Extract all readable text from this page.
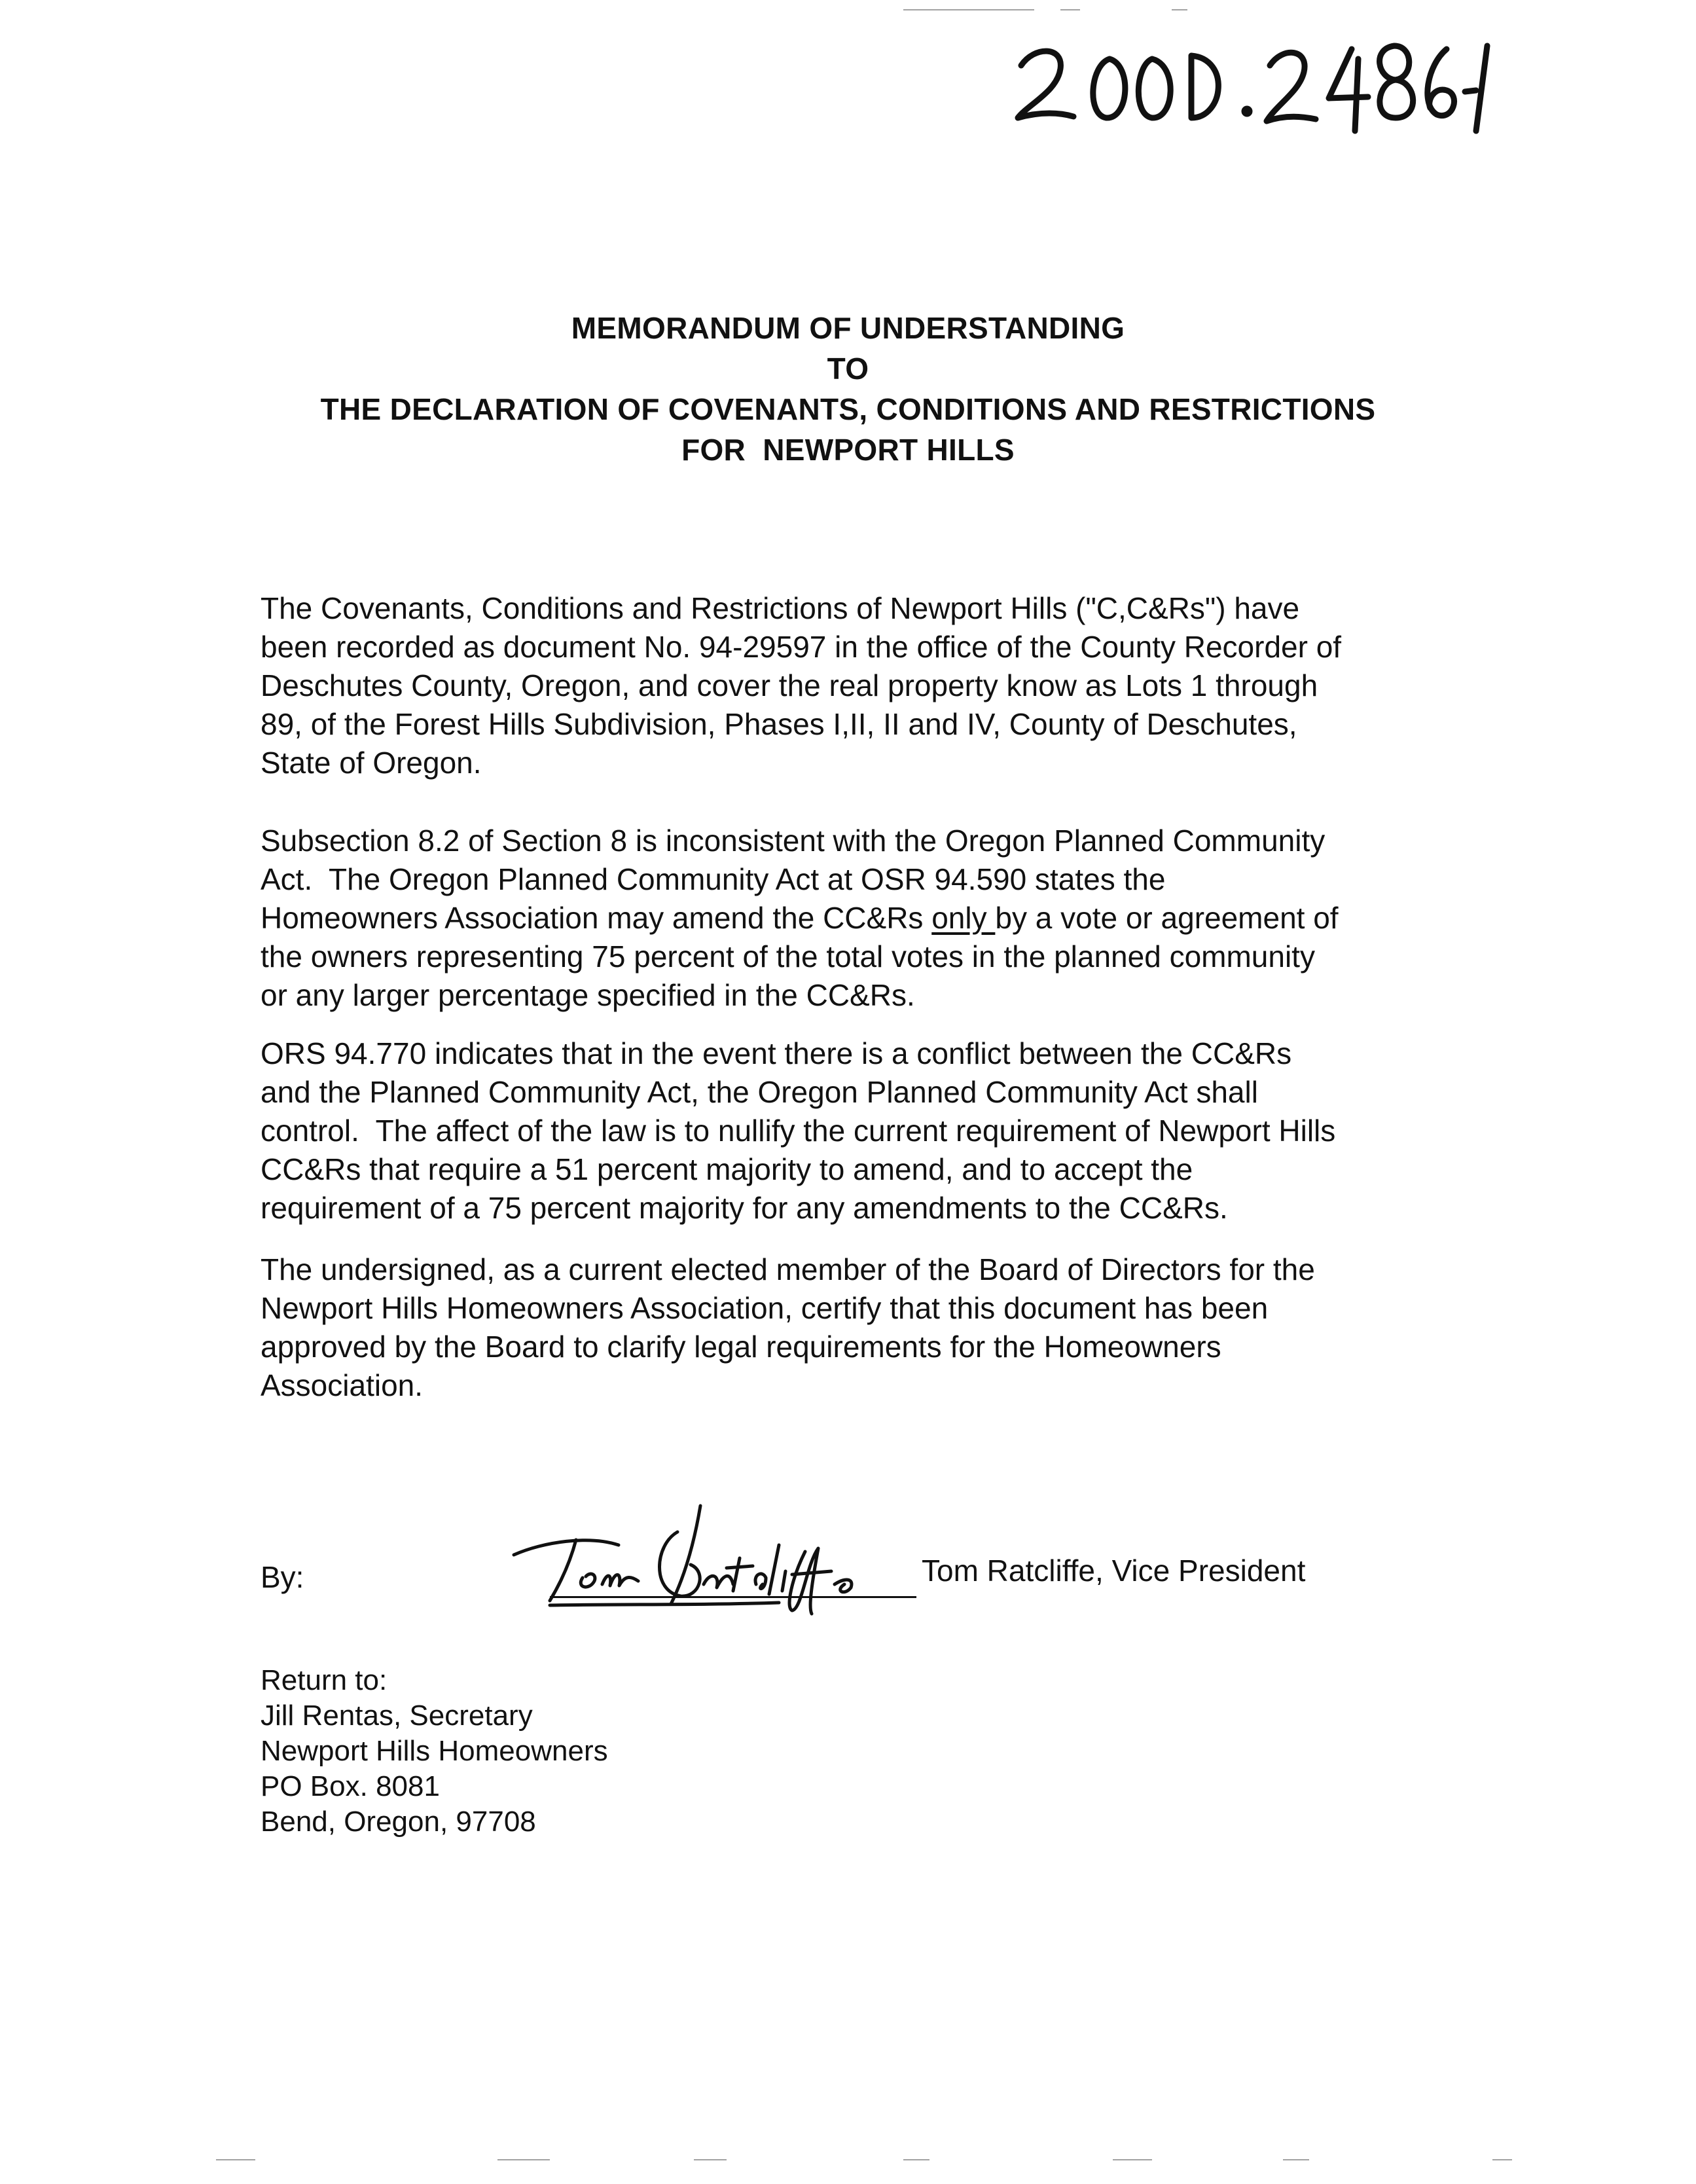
MEMORANDUM OF UNDERSTANDING
TO
THE DECLARATION OF COVENANTS, CONDITIONS AND RESTRICTIONS
FOR  NEWPORT HILLS

The Covenants, Conditions and Restrictions of Newport Hills ("C,C&Rs") have
been recorded as document No. 94-29597 in the office of the County Recorder of
Deschutes County, Oregon, and cover the real property know as Lots 1 through
89, of the Forest Hills Subdivision, Phases I,II, II and IV, County of Deschutes,
State of Oregon.

Subsection 8.2 of Section 8 is inconsistent with the Oregon Planned Community
Act.  The Oregon Planned Community Act at OSR 94.590 states the
Homeowners Association may amend the CC&Rs only by a vote or agreement of
the owners representing 75 percent of the total votes in the planned community
or any larger percentage specified in the CC&Rs.

ORS 94.770 indicates that in the event there is a conflict between the CC&Rs
and the Planned Community Act, the Oregon Planned Community Act shall
control.  The affect of the law is to nullify the current requirement of Newport Hills
CC&Rs that require a 51 percent majority to amend, and to accept the
requirement of a 75 percent majority for any amendments to the CC&Rs.

The undersigned, as a current elected member of the Board of Directors for the
Newport Hills Homeowners Association, certify that this document has been
approved by the Board to clarify legal requirements for the Homeowners
Association.

By:	Tom Ratcliffe, Vice President
Return to:
Jill Rentas, Secretary
Newport Hills Homeowners
PO Box. 8081
Bend, Oregon, 97708
